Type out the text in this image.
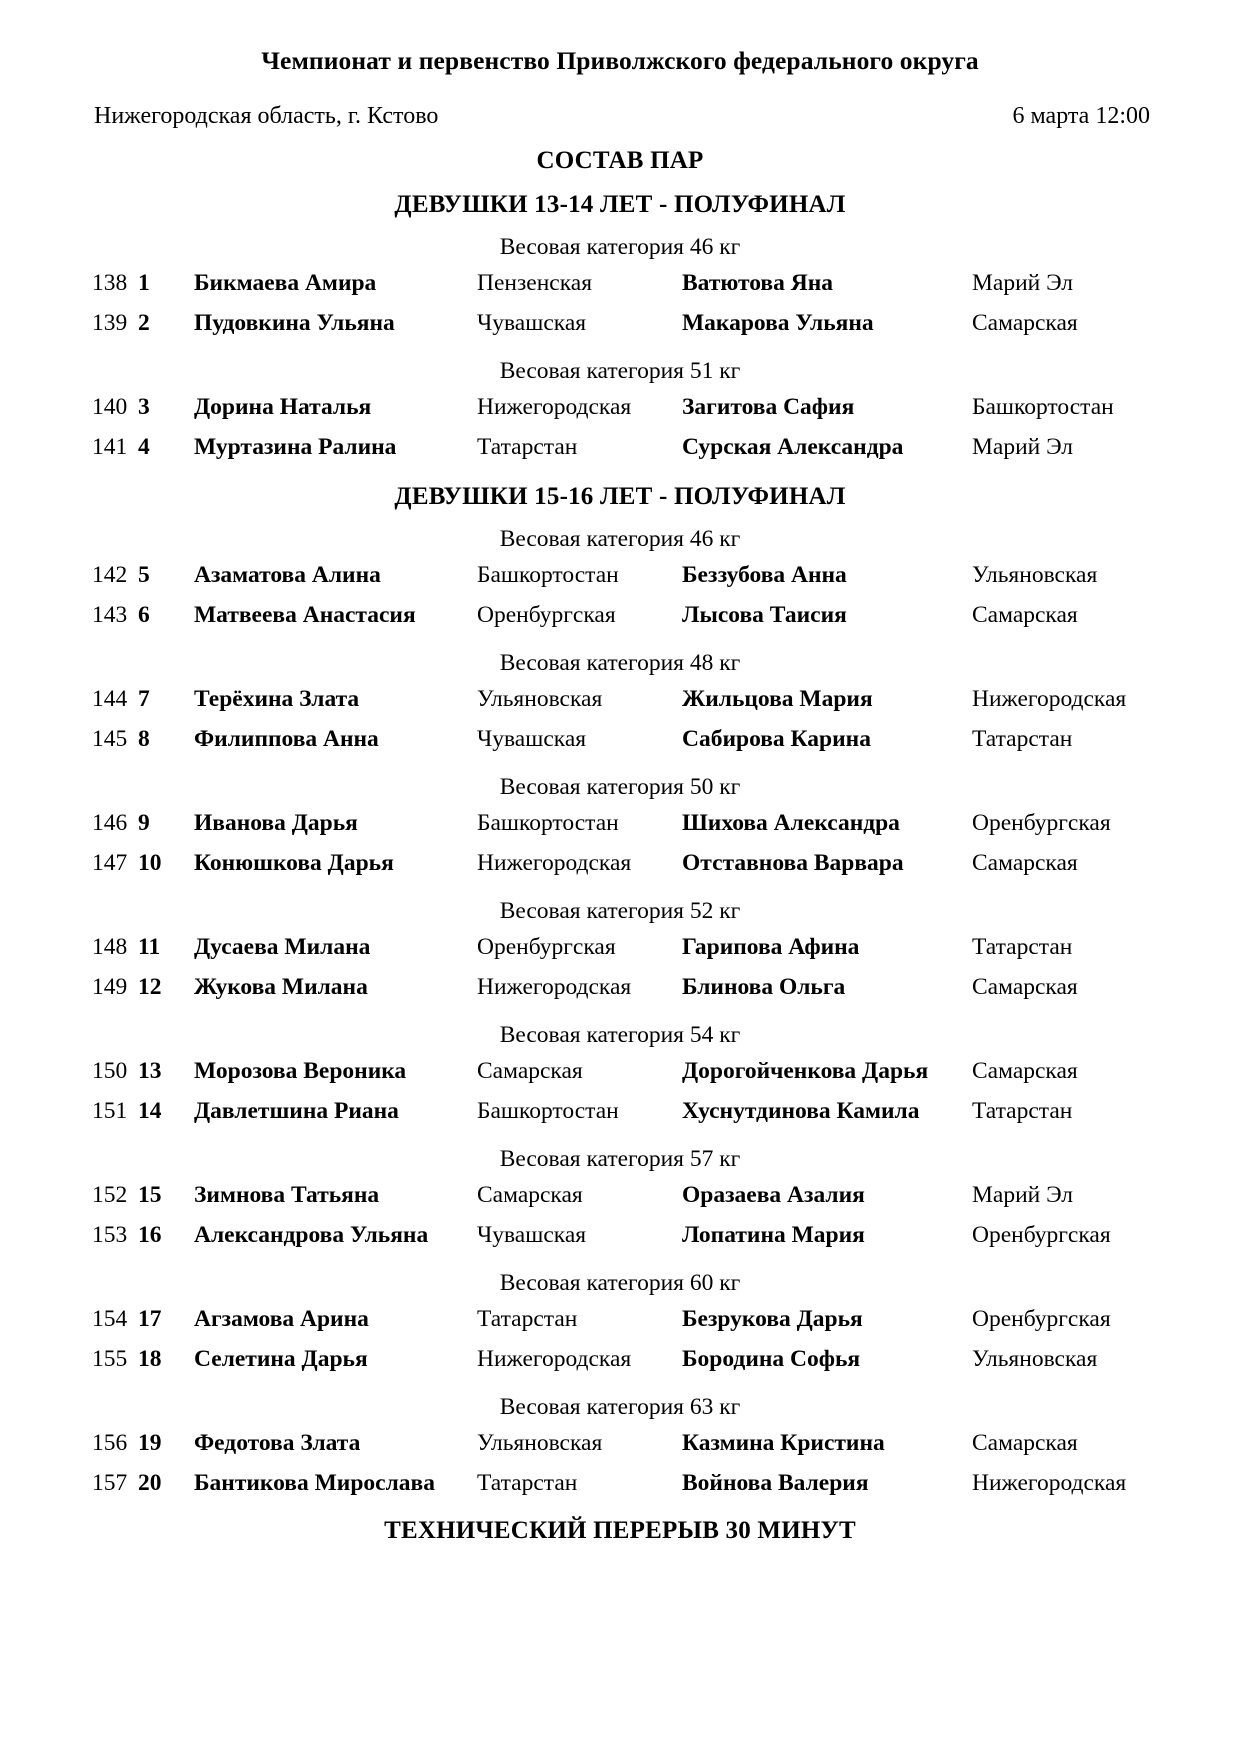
Чемпионат и первенство Приволжского федерального округа
Нижегородская область, г. Кстово	6 марта 12:00
СОСТАВ ПАР
ДЕВУШКИ 13-14 ЛЕТ - ПОЛУФИНАЛ
Весовая категория 46 кг
138 1	Бикмаева Амира	Пензенская	Ватютова Яна	Марий Эл
139 2	Пудовкина Ульяна	Чувашская	Макарова Ульяна	Самарская
Весовая категория 51 кг
140 3	Дорина Наталья	Нижегородская	Загитова Сафия	Башкортостан
141 4	Муртазина Ралина	Татарстан	Сурская Александра	Марий Эл
ДЕВУШКИ 15-16 ЛЕТ - ПОЛУФИНАЛ
Весовая категория 46 кг
142 5	Азаматова Алина	Башкортостан	Беззубова Анна	Ульяновская
143 6	Матвеева Анастасия	Оренбургская	Лысова Таисия	Самарская
Весовая категория 48 кг
144 7	Терёхина Злата	Ульяновская	Жильцова Мария	Нижегородская
145 8	Филиппова Анна	Чувашская	Сабирова Карина	Татарстан
Весовая категория 50 кг
146 9	Иванова Дарья	Башкортостан	Шихова Александра	Оренбургская
147 10	Конюшкова Дарья	Нижегородская	Отставнова Варвара	Самарская
Весовая категория 52 кг
148 11	Дусаева Милана	Оренбургская	Гарипова Афина	Татарстан
149 12	Жукова Милана	Нижегородская	Блинова Ольга	Самарская
Весовая категория 54 кг
150 13	Морозова Вероника	Самарская	Дорогойченкова Дарья	Самарская
151 14	Давлетшина Риана	Башкортостан	Хуснутдинова Камила	Татарстан
Весовая категория 57 кг
152 15	Зимнова Татьяна	Самарская	Оразаева Азалия	Марий Эл
153 16	Александрова Ульяна	Чувашская	Лопатина Мария	Оренбургская
Весовая категория 60 кг
154 17	Агзамова Арина	Татарстан	Безрукова Дарья	Оренбургская
155 18	Селетина Дарья	Нижегородская	Бородина Софья	Ульяновская
Весовая категория 63 кг
156 19	Федотова Злата	Ульяновская	Казмина Кристина	Самарская
157 20	Бантикова Мирослава	Татарстан	Войнова Валерия	Нижегородская
ТЕХНИЧЕСКИЙ ПЕРЕРЫВ 30 МИНУТ
